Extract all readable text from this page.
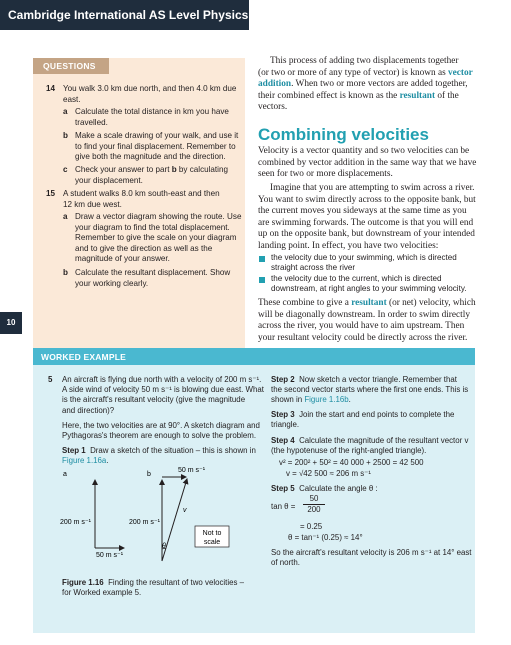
Cambridge International AS Level Physics
10
QUESTIONS
14 You walk 3.0 km due north, and then 4.0 km due
east.
a Calculate the total distance in km you have
travelled.
b Make a scale drawing of your walk, and use it
to find your final displacement. Remember to
give both the magnitude and the direction.
c Check your answer to part b by calculating
your displacement.
15 A student walks 8.0 km south-east and then
12 km due west.
a Draw a vector diagram showing the route. Use
your diagram to find the total displacement.
Remember to give the scale on your diagram
and to give the direction as well as the
magnitude of your answer.
b Calculate the resultant displacement. Show
your working clearly.
This process of adding two displacements together
(or two or more of any type of vector) is known as vector
addition. When two or more vectors are added together,
their combined effect is known as the resultant of the
vectors.
Combining velocities
Velocity is a vector quantity and so two velocities can be
combined by vector addition in the same way that we have
seen for two or more displacements.
Imagine that you are attempting to swim across a river.
You want to swim directly across to the opposite bank, but
the current moves you sideways at the same time as you
are swimming forwards. The outcome is that you will end
up on the opposite bank, but downstream of your intended
landing point. In effect, you have two velocities:
the velocity due to your swimming, which is directed
straight across the river
the velocity due to the current, which is directed
downstream, at right angles to your swimming velocity.
These combine to give a resultant (or net) velocity, which
will be diagonally downstream. In order to swim directly
across the river, you would have to aim upstream. Then
your resultant velocity could be directly across the river.
WORKED EXAMPLE
5 An aircraft is flying due north with a velocity of 200 m s⁻¹.
A side wind of velocity 50 m s⁻¹ is blowing due east. What
is the aircraft's resultant velocity (give the magnitude
and direction)?
Here, the two velocities are at 90°. A sketch diagram and
Pythagoras's theorem are enough to solve the problem.
Step 1 Draw a sketch of the situation – this is shown in
Figure 1.16a.
a	b
200 m s⁻¹
50 m s⁻¹
50 m s⁻¹
200 m s⁻¹
v
θ
Not to
scale
Figure 1.16 Finding the resultant of two velocities –
for Worked example 5.
Step 2 Now sketch a vector triangle. Remember that
the second vector starts where the first one ends. This is
shown in Figure 1.16b.
Step 3 Join the start and end points to complete the
triangle.
Step 4 Calculate the magnitude of the resultant vector v
(the hypotenuse of the right-angled triangle).
v² = 200² + 50² = 40 000 + 2500 = 42 500
v = √42 500 ≈ 206 m s⁻¹
Step 5 Calculate the angle θ :
tan θ =
50
200
= 0.25
θ = tan⁻¹ (0.25) ≈ 14°
So the aircraft's resultant velocity is 206 m s⁻¹ at 14° east
of north.
